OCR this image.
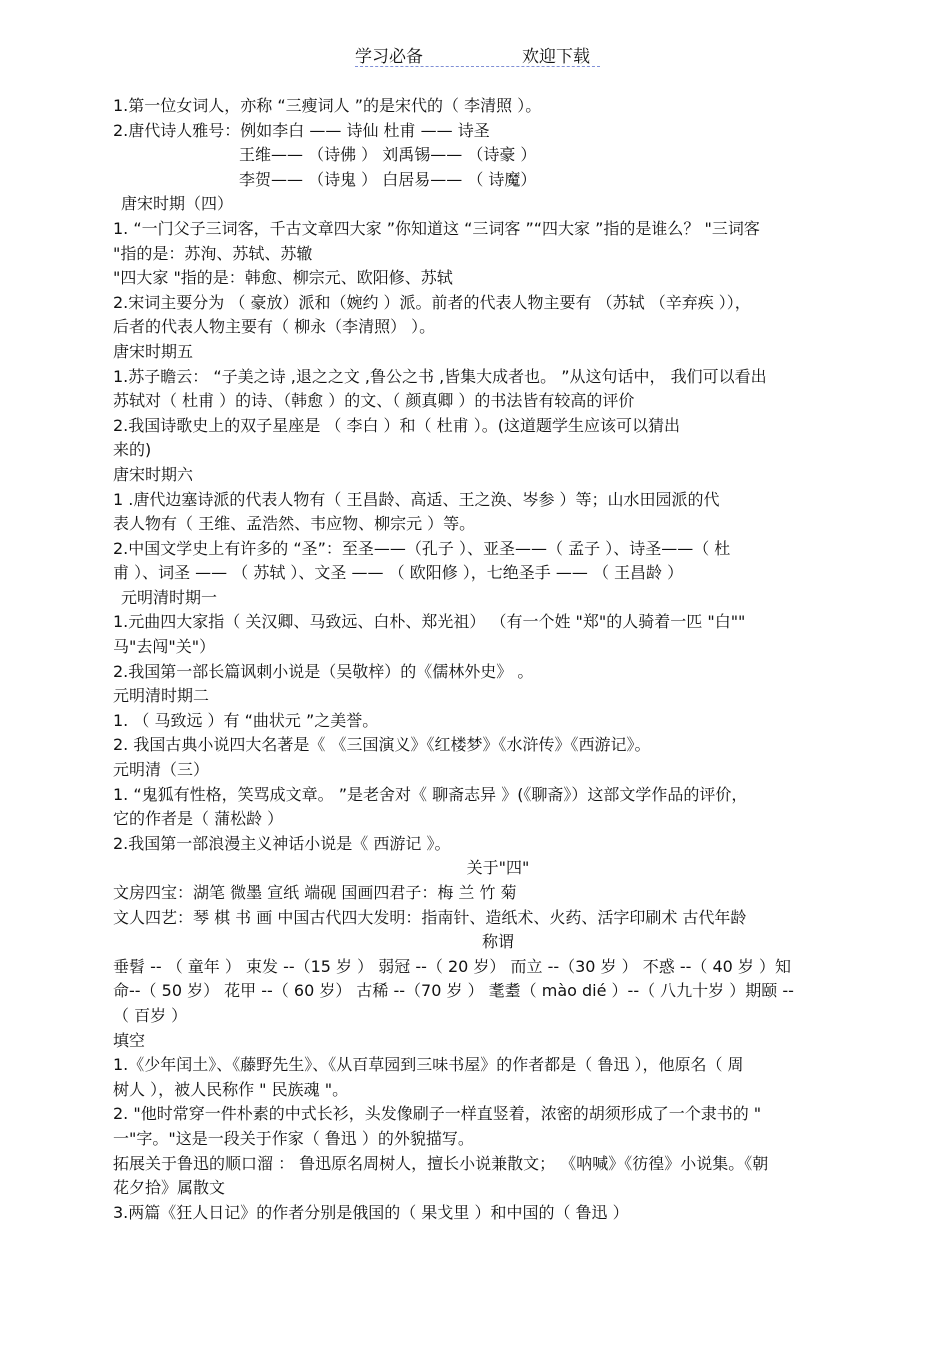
学习必备	欢迎下载
1.第一位女词人，亦称 “三瘦词人 ”的是宋代的（ 李清照 ）。
2.唐代诗人雅号：例如李白 —— 诗仙 杜甫 —— 诗圣
王维—— （诗佛 ） 刘禹锡—— （诗豪 ）
李贺—— （诗鬼 ） 白居易—— （ 诗魔）
唐宋时期（四）
1. “一门父子三词客，千古文章四大家 ”你知道这 “三词客 ”“四大家 ”指的是谁么？ "三词客
"指的是：苏洵、苏轼、苏辙
"四大家 "指的是：韩愈、柳宗元、欧阳修、苏轼
2.宋词主要分为 （ 豪放）派和（婉约 ）派。前者的代表人物主要有 （苏轼 （辛弃疾 ）），
后者的代表人物主要有（ 柳永（李清照） ）。
唐宋时期五
1.苏子瞻云： “子美之诗 ,退之之文 ,鲁公之书 ,皆集大成者也。 ”从这句话中， 我们可以看出
苏轼对（ 杜甫 ）的诗、（韩愈 ）的文、（ 颜真卿 ）的书法皆有较高的评价
2.我国诗歌史上的双子星座是 （ 李白 ）和（ 杜甫 ）。(这道题学生应该可以猜出
来的)
唐宋时期六
1 .唐代边塞诗派的代表人物有（ 王昌龄、高适、王之涣、岑参 ）等；山水田园派的代
表人物有（ 王维、孟浩然、韦应物、柳宗元 ）等。
2.中国文学史上有许多的 “圣”：至圣——（孔子 ）、亚圣——（ 孟子 ）、诗圣——（ 杜
甫 ）、词圣 —— （ 苏轼 ）、文圣 —— （ 欧阳修 ），七绝圣手 —— （ 王昌龄 ）
元明清时期一
1.元曲四大家指（ 关汉卿、马致远、白朴、郑光祖） （有一个姓 "郑"的人骑着一匹 "白""
马"去闯"关"）
2.我国第一部长篇讽刺小说是（吴敬梓）的《儒林外史》 。
元明清时期二
1. （ 马致远 ）有 “曲状元 ”之美誉。
2. 我国古典小说四大名著是《 《三国演义》《红楼梦》《水浒传》《西游记》。
元明清（三）
1. “鬼狐有性格，笑骂成文章。 ”是老舍对《 聊斋志异 》(《聊斋》）这部文学作品的评价，
它的作者是（ 蒲松龄 ）
2.我国第一部浪漫主义神话小说是《 西游记 》。
关于"四"
文房四宝：湖笔 微墨 宣纸 端砚 国画四君子：梅 兰 竹 菊
文人四艺：琴 棋 书 画 中国古代四大发明：指南针、造纸术、火药、活字印刷术 古代年龄
称谓
垂髫 -- （ 童年 ） 束发 --（15 岁 ） 弱冠 --（ 20 岁） 而立 --（30 岁 ） 不惑 --（ 40 岁 ）知
命--（ 50 岁） 花甲 --（ 60 岁） 古稀 --（70 岁 ） 耄耋（ mào dié ）--（ 八九十岁 ）期颐 --
（ 百岁 ）
填空
1.《少年闰土》、《藤野先生》、《从百草园到三味书屋》的作者都是（ 鲁迅 ），他原名（ 周
树人 ），被人民称作 " 民族魂 "。
2. "他时常穿一件朴素的中式长衫，头发像刷子一样直竖着，浓密的胡须形成了一个隶书的 "
一"字。"这是一段关于作家（ 鲁迅 ）的外貌描写。
拓展关于鲁迅的顺口溜 ： 鲁迅原名周树人，擅长小说兼散文； 《呐喊》《彷徨》小说集。《朝
花夕拾》属散文
3.两篇《狂人日记》的作者分别是俄国的（ 果戈里 ）和中国的（ 鲁迅 ）
